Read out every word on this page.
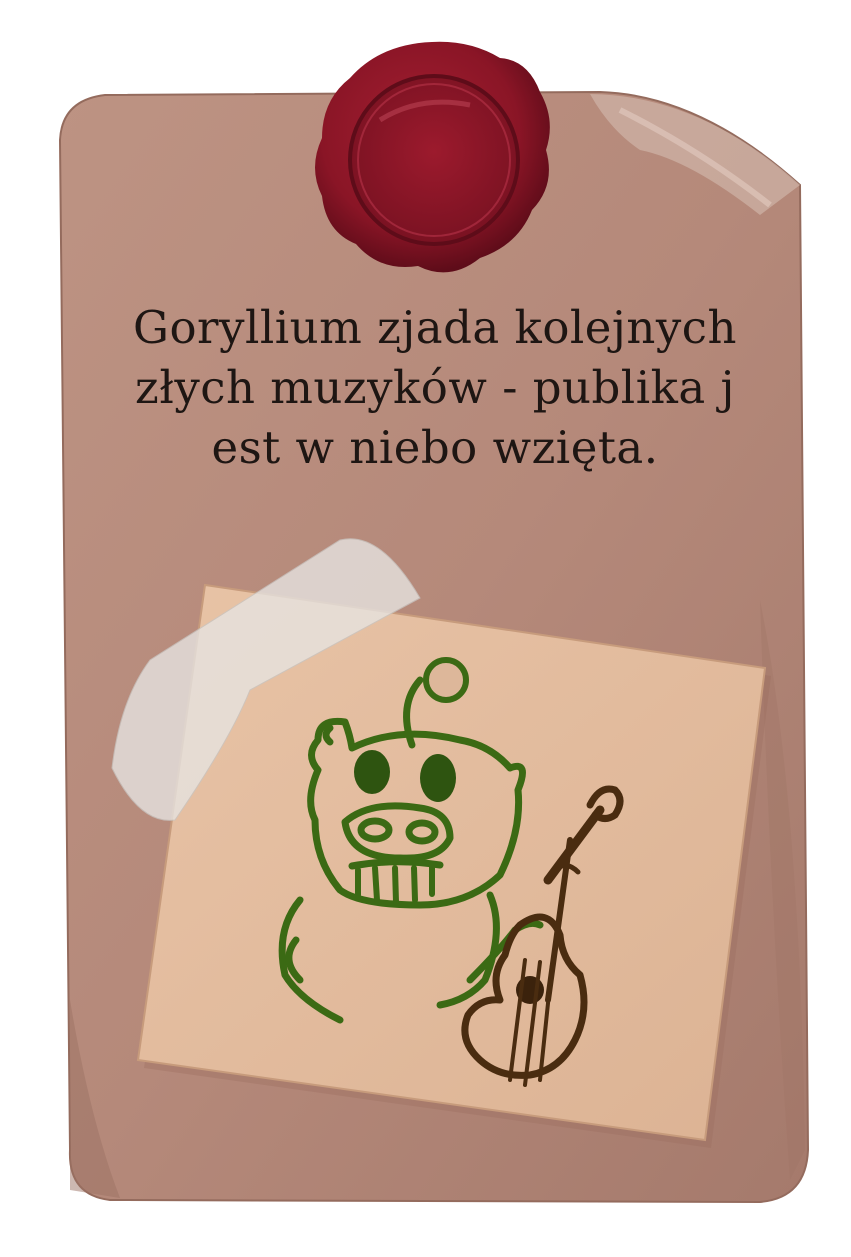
Goryllium zjada kolejnych
złych muzyków - publika j
est w niebo wzięta.
